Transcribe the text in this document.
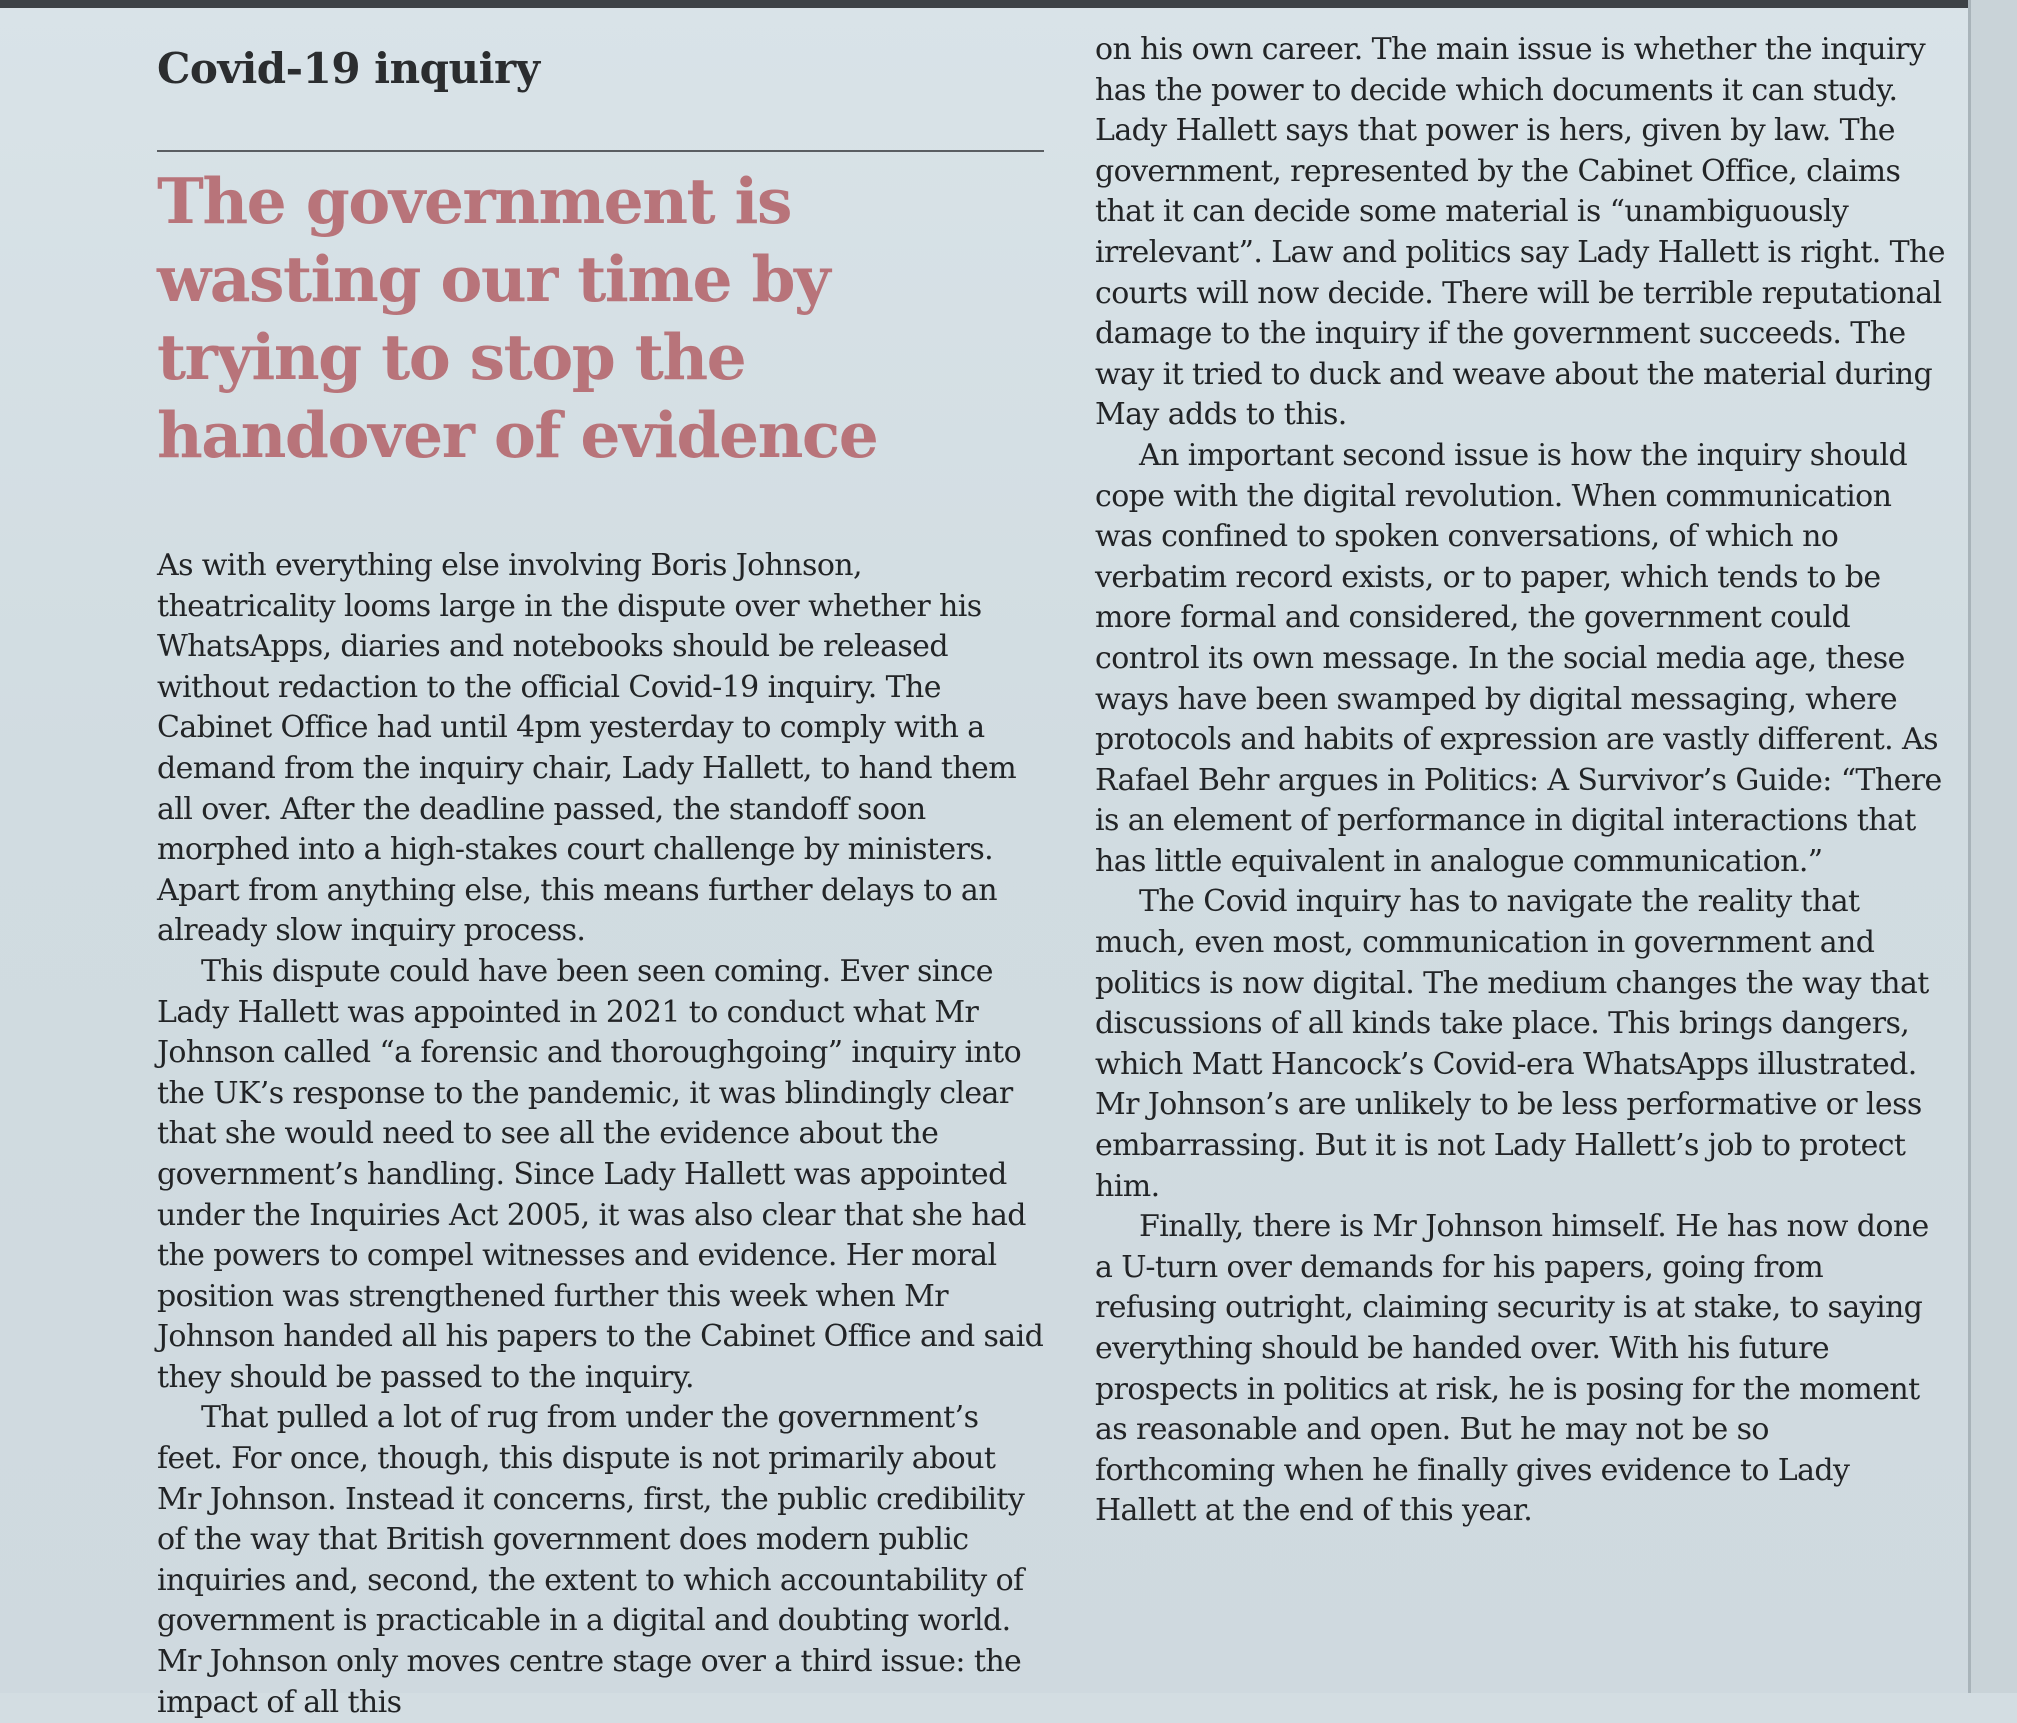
Covid-19 inquiry
The government is wasting our time by trying to stop the handover of evidence

As with everything else involving Boris Johnson, theatricality looms large in the dispute over whether his WhatsApps, diaries and notebooks should be released without redaction to the official Covid-19 inquiry. The Cabinet Office had until 4pm yesterday to comply with a demand from the inquiry chair, Lady Hallett, to hand them all over. After the deadline passed, the standoff soon morphed into a high-stakes court challenge by ministers. Apart from anything else, this means further delays to an already slow inquiry process.

This dispute could have been seen coming. Ever since Lady Hallett was appointed in 2021 to conduct what Mr Johnson called “a forensic and thoroughgoing” inquiry into the UK’s response to the pandemic, it was blindingly clear that she would need to see all the evidence about the government’s handling. Since Lady Hallett was appointed under the Inquiries Act 2005, it was also clear that she had the powers to compel witnesses and evidence. Her moral position was strengthened further this week when Mr Johnson handed all his papers to the Cabinet Office and said they should be passed to the inquiry.

That pulled a lot of rug from under the government’s feet. For once, though, this dispute is not primarily about Mr Johnson. Instead it concerns, first, the public credibility of the way that British government does modern public inquiries and, second, the extent to which accountability of government is practicable in a digital and doubting world. Mr Johnson only moves centre stage over a third issue: the impact of all this

on his own career. The main issue is whether the inquiry has the power to decide which documents it can study. Lady Hallett says that power is hers, given by law. The government, represented by the Cabinet Office, claims that it can decide some material is “unambiguously irrelevant”. Law and politics say Lady Hallett is right. The courts will now decide. There will be terrible reputational damage to the inquiry if the government succeeds. The way it tried to duck and weave about the material during May adds to this.

An important second issue is how the inquiry should cope with the digital revolution. When communication was confined to spoken conversations, of which no verbatim record exists, or to paper, which tends to be more formal and considered, the government could control its own message. In the social media age, these ways have been swamped by digital messaging, where protocols and habits of expression are vastly different. As Rafael Behr argues in Politics: A Survivor’s Guide: “There is an element of performance in digital interactions that has little equivalent in analogue communication.”

The Covid inquiry has to navigate the reality that much, even most, communication in government and politics is now digital. The medium changes the way that discussions of all kinds take place. This brings dangers, which Matt Hancock’s Covid-era WhatsApps illustrated. Mr Johnson’s are unlikely to be less performative or less embarrassing. But it is not Lady Hallett’s job to protect him.

Finally, there is Mr Johnson himself. He has now done a U-turn over demands for his papers, going from refusing outright, claiming security is at stake, to saying everything should be handed over. With his future prospects in politics at risk, he is posing for the moment as reasonable and open. But he may not be so forthcoming when he finally gives evidence to Lady Hallett at the end of this year.
